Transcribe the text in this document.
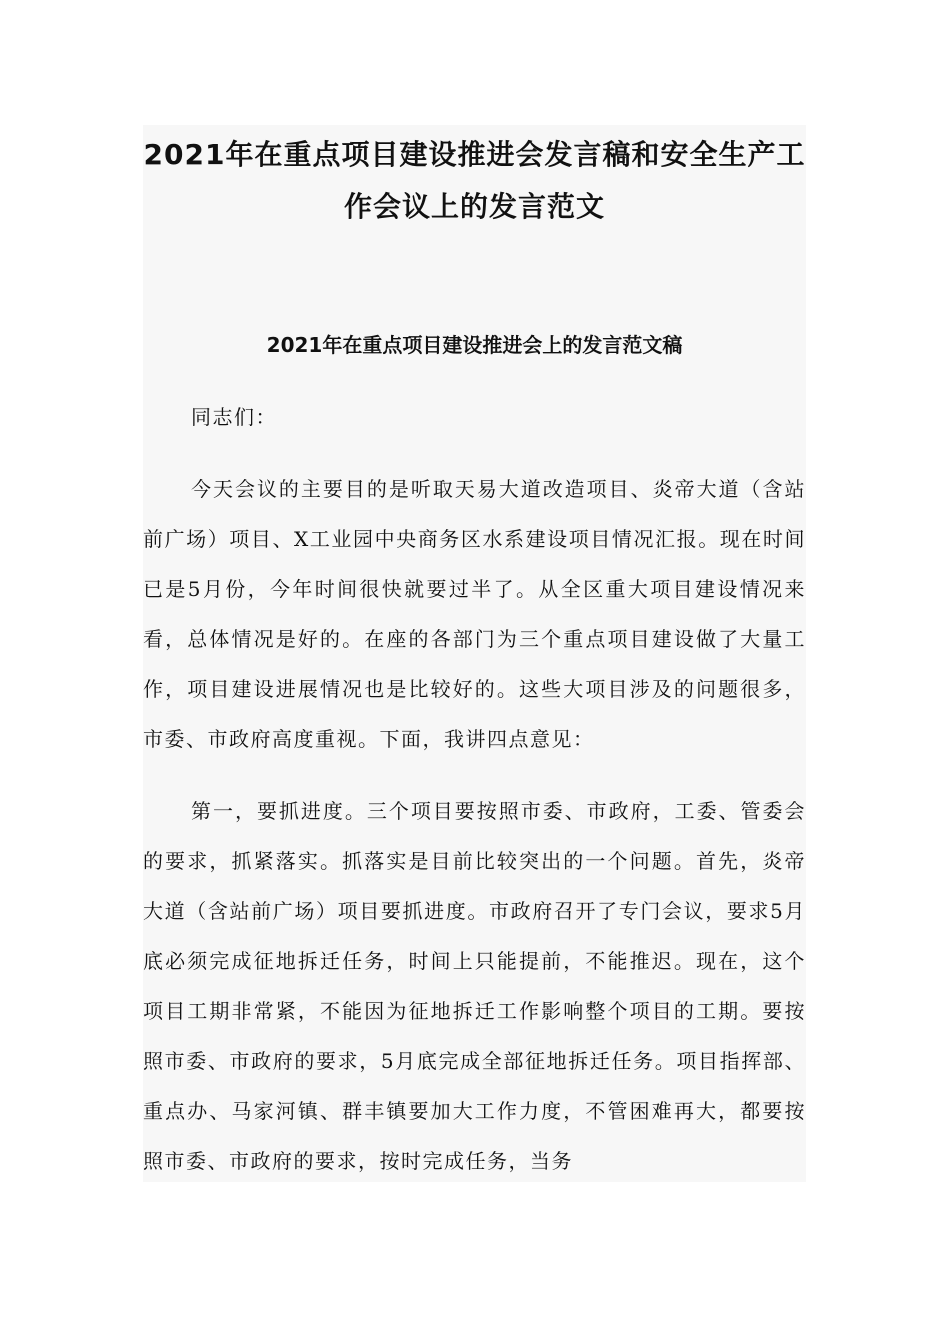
2021年在重点项目建设推进会发言稿和安全生产工作会议上的发言范文
2021年在重点项目建设推进会上的发言范文稿

同志们：

今天会议的主要目的是听取天易大道改造项目、炎帝大道（含站前广场）项目、X工业园中央商务区水系建设项目情况汇报。现在时间已是5月份，今年时间很快就要过半了。从全区重大项目建设情况来看，总体情况是好的。在座的各部门为三个重点项目建设做了大量工作，项目建设进展情况也是比较好的。这些大项目涉及的问题很多，市委、市政府高度重视。下面，我讲四点意见：

第一，要抓进度。三个项目要按照市委、市政府，工委、管委会的要求，抓紧落实。抓落实是目前比较突出的一个问题。首先，炎帝大道（含站前广场）项目要抓进度。市政府召开了专门会议，要求5月底必须完成征地拆迁任务，时间上只能提前，不能推迟。现在，这个项目工期非常紧，不能因为征地拆迁工作影响整个项目的工期。要按照市委、市政府的要求，5月底完成全部征地拆迁任务。项目指挥部、重点办、马家河镇、群丰镇要加大工作力度，不管困难再大，都要按照市委、市政府的要求，按时完成任务，当务
